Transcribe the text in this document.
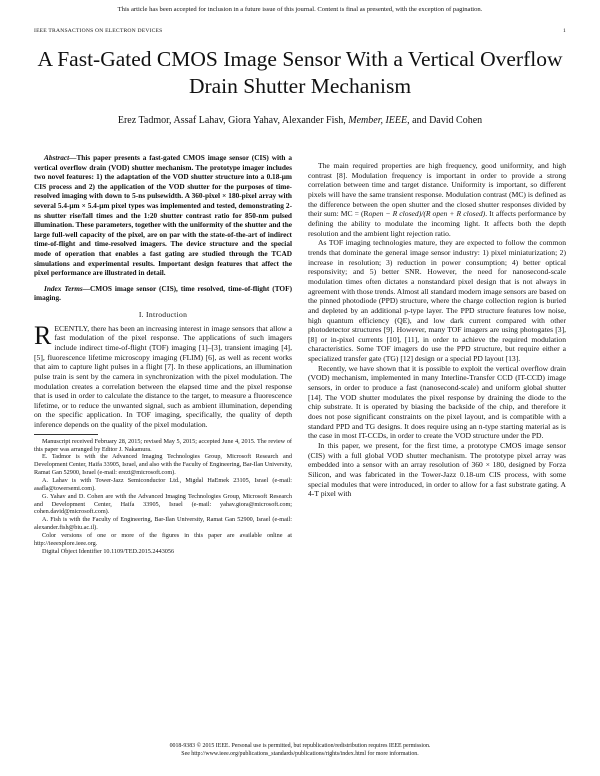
This article has been accepted for inclusion in a future issue of this journal. Content is final as presented, with the exception of pagination.
IEEE TRANSACTIONS ON ELECTRON DEVICES	1
A Fast-Gated CMOS Image Sensor With a Vertical Overflow Drain Shutter Mechanism
Erez Tadmor, Assaf Lahav, Giora Yahav, Alexander Fish, Member, IEEE, and David Cohen

Abstract—This paper presents a fast-gated CMOS image sensor (CIS) with a vertical overflow drain (VOD) shutter mechanism. The prototype imager includes two novel features: 1) the adaptation of the VOD shutter structure into a 0.18-μm CIS process and 2) the application of the VOD shutter for the purposes of time-resolved imaging with down to 5-ns pulsewidth. A 360-pixel × 180-pixel array with several 5.4-μm × 5.4-μm pixel types was implemented and tested, demonstrating 2-ns shutter rise/fall times and the 1:20 shutter contrast ratio for 850-nm pulsed illumination. These parameters, together with the uniformity of the shutter and the large full-well capacity of the pixel, are on par with the state-of-the-art of indirect time-of-flight and time-resolved imagers. The device structure and the special mode of operation that enables a fast gating are studied through the TCAD simulations and experimental results. Important design features that affect the pixel performance are illustrated in detail.

Index Terms—CMOS image sensor (CIS), time resolved, time-of-flight (TOF) imaging.

I. Introduction

RECENTLY, there has been an increasing interest in image sensors that allow a fast modulation of the pixel response. The applications of such imagers include indirect time-of-flight (TOF) imaging [1]–[3], transient imaging [4], [5], fluorescence lifetime microscopy imaging (FLIM) [6], as well as recent works that aim to capture light pulses in a flight [7]. In these applications, an illumination pulse train is sent by the camera in synchronization with the pixel modulation. The modulation creates a correlation between the elapsed time and the pixel response that is used in order to calculate the distance to the target, to measure a fluorescence lifetime, or to reduce the unwanted signal, such as ambient illumination, depending on the specific application. In TOF imaging, specifically, the quality of depth inference depends on the quality of the pixel modulation.

Manuscript received February 28, 2015; revised May 5, 2015; accepted June 4, 2015. The review of this paper was arranged by Editor J. Nakamura.

E. Tadmor is with the Advanced Imaging Technologies Group, Microsoft Research and Development Center, Haifa 33905, Israel, and also with the Faculty of Engineering, Bar-Ilan University, Ramat Gan 52900, Israel (e-mail: erezt@microsoft.com).

A. Lahav is with Tower-Jazz Semiconductor Ltd., Migdal HaEmek 23105, Israel (e-mail: asafla@towersemi.com).

G. Yahav and D. Cohen are with the Advanced Imaging Technologies Group, Microsoft Research and Development Center, Haifa 33905, Israel (e-mail: yahav.giora@microsoft.com; cohen.david@microsoft.com).

A. Fish is with the Faculty of Engineering, Bar-Ilan University, Ramat Gan 52900, Israel (e-mail: alexander.fish@biu.ac.il).

Color versions of one or more of the figures in this paper are available online at http://ieeexplore.ieee.org.

Digital Object Identifier 10.1109/TED.2015.2443056

The main required properties are high frequency, good uniformity, and high contrast [8]. Modulation frequency is important in order to provide a strong correlation between time and target distance. Uniformity is important, so different pixels will have the same transient response. Modulation contrast (MC) is defined as the difference between the open shutter and the closed shutter responses divided by their sum: MC = (Ropen − R closed)/(R open + R closed). It affects performance by defining the ability to modulate the incoming light. It affects both the depth resolution and the ambient light rejection ratio.

As TOF imaging technologies mature, they are expected to follow the common trends that dominate the general image sensor industry: 1) pixel miniaturization; 2) increase in resolution; 3) reduction in power consumption; 4) better optical responsivity; and 5) better SNR. However, the need for nanosecond-scale modulation times often dictates a nonstandard pixel design that is not always in agreement with those trends. Almost all standard modern image sensors are based on the pinned photodiode (PPD) structure, where the charge collection region is buried and depleted by an additional p-type layer. The PPD structure features low noise, high quantum efficiency (QE), and low dark current compared with other photodetector structures [9]. However, many TOF imagers are using photogates [3], [8] or in-pixel currents [10], [11], in order to achieve the required modulation characteristics. Some TOF imagers do use the PPD structure, but require either a specialized transfer gate (TG) [12] design or a special PD layout [13].

Recently, we have shown that it is possible to exploit the vertical overflow drain (VOD) mechanism, implemented in many Interline-Transfer CCD (IT-CCD) image sensors, in order to produce a fast (nanosecond-scale) and uniform global shutter [14]. The VOD shutter modulates the pixel response by draining the diode to the chip substrate. It is operated by biasing the backside of the chip, and therefore it does not pose significant constraints on the pixel layout, and is compatible with a standard PPD and TG designs. It does require using an n-type starting material as is the case in most IT-CCDs, in order to create the VOD structure under the PD.

In this paper, we present, for the first time, a prototype CMOS image sensor (CIS) with a full global VOD shutter mechanism. The prototype pixel array was embedded into a sensor with an array resolution of 360 × 180, designed by Forza Silicon, and was fabricated in the Tower-Jazz 0.18-um CIS process, with some special modules that were introduced, in order to allow for a fast substrate gating. A 4-T pixel with

0018-9383 © 2015 IEEE. Personal use is permitted, but republication/redistribution requires IEEE permission.
See http://www.ieee.org/publications_standards/publications/rights/index.html for more information.
